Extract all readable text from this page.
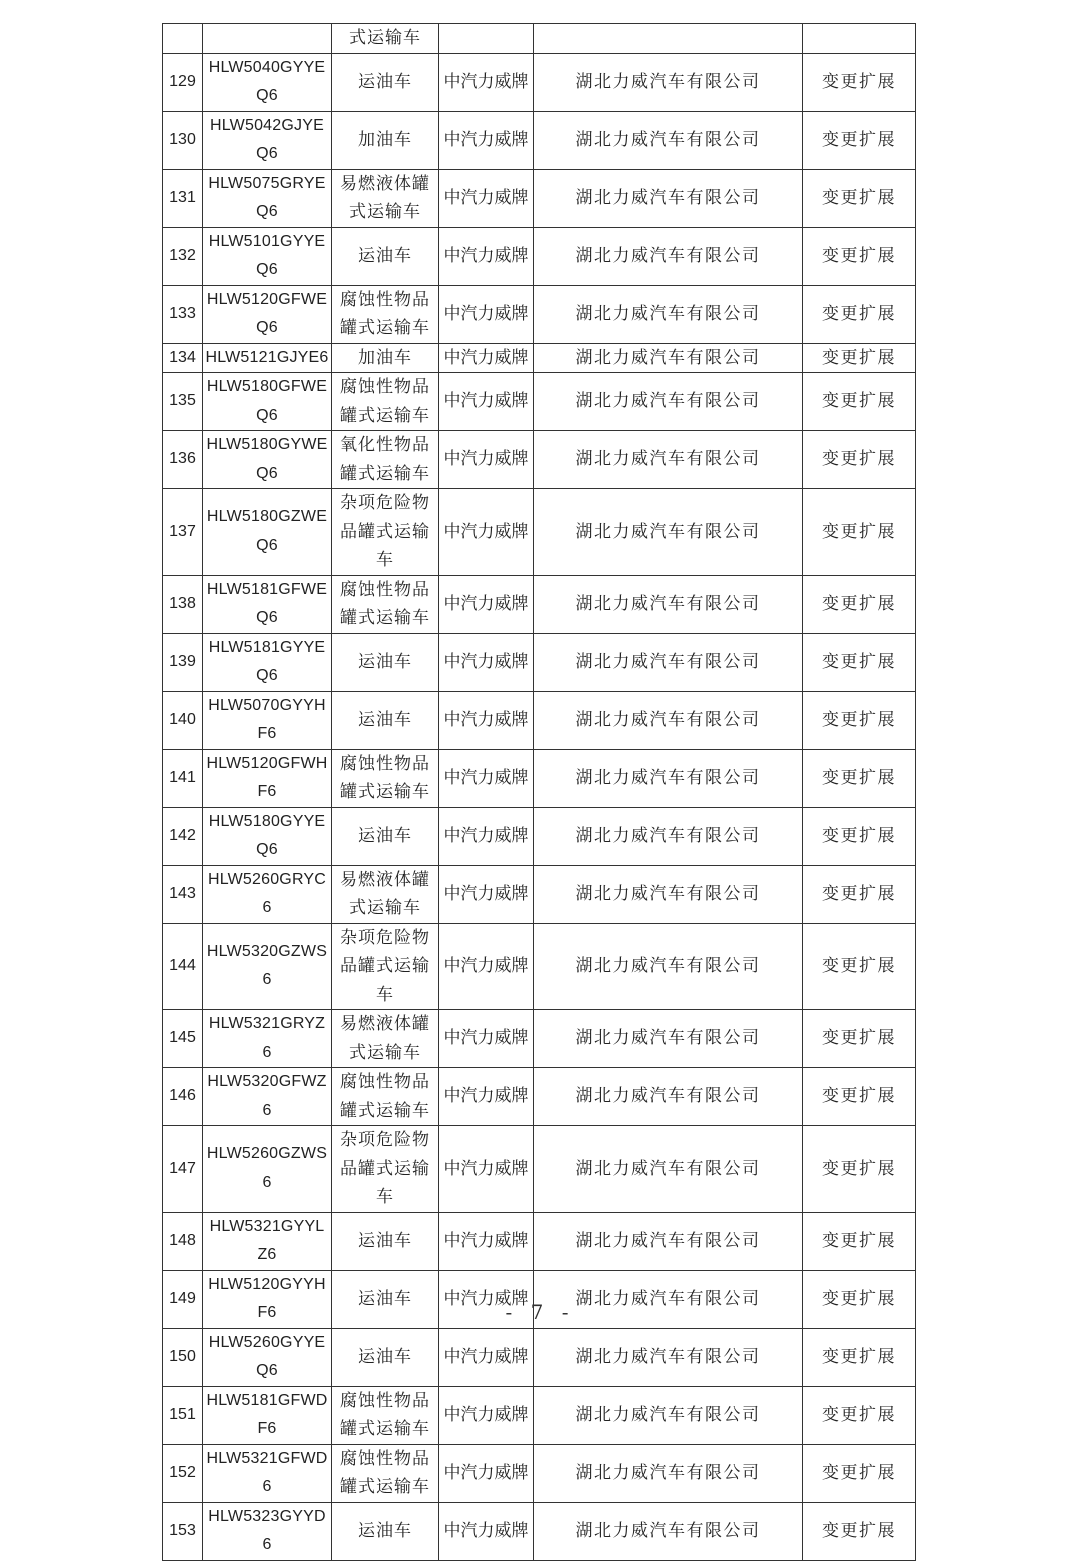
		式运输车			
129	HLW5040GYYEQ6	运油车	中汽力威牌	湖北力威汽车有限公司	变更扩展
130	HLW5042GJYEQ6	加油车	中汽力威牌	湖北力威汽车有限公司	变更扩展
131	HLW5075GRYEQ6	易燃液体罐式运输车	中汽力威牌	湖北力威汽车有限公司	变更扩展
132	HLW5101GYYEQ6	运油车	中汽力威牌	湖北力威汽车有限公司	变更扩展
133	HLW5120GFWEQ6	腐蚀性物品罐式运输车	中汽力威牌	湖北力威汽车有限公司	变更扩展
134	HLW5121GJYE6	加油车	中汽力威牌	湖北力威汽车有限公司	变更扩展
135	HLW5180GFWEQ6	腐蚀性物品罐式运输车	中汽力威牌	湖北力威汽车有限公司	变更扩展
136	HLW5180GYWEQ6	氧化性物品罐式运输车	中汽力威牌	湖北力威汽车有限公司	变更扩展
137	HLW5180GZWEQ6	杂项危险物品罐式运输车	中汽力威牌	湖北力威汽车有限公司	变更扩展
138	HLW5181GFWEQ6	腐蚀性物品罐式运输车	中汽力威牌	湖北力威汽车有限公司	变更扩展
139	HLW5181GYYEQ6	运油车	中汽力威牌	湖北力威汽车有限公司	变更扩展
140	HLW5070GYYHF6	运油车	中汽力威牌	湖北力威汽车有限公司	变更扩展
141	HLW5120GFWHF6	腐蚀性物品罐式运输车	中汽力威牌	湖北力威汽车有限公司	变更扩展
142	HLW5180GYYEQ6	运油车	中汽力威牌	湖北力威汽车有限公司	变更扩展
143	HLW5260GRYC6	易燃液体罐式运输车	中汽力威牌	湖北力威汽车有限公司	变更扩展
144	HLW5320GZWS6	杂项危险物品罐式运输车	中汽力威牌	湖北力威汽车有限公司	变更扩展
145	HLW5321GRYZ6	易燃液体罐式运输车	中汽力威牌	湖北力威汽车有限公司	变更扩展
146	HLW5320GFWZ6	腐蚀性物品罐式运输车	中汽力威牌	湖北力威汽车有限公司	变更扩展
147	HLW5260GZWS6	杂项危险物品罐式运输车	中汽力威牌	湖北力威汽车有限公司	变更扩展
148	HLW5321GYYLZ6	运油车	中汽力威牌	湖北力威汽车有限公司	变更扩展
149	HLW5120GYYHF6	运油车	中汽力威牌	湖北力威汽车有限公司	变更扩展
150	HLW5260GYYEQ6	运油车	中汽力威牌	湖北力威汽车有限公司	变更扩展
151	HLW5181GFWDF6	腐蚀性物品罐式运输车	中汽力威牌	湖北力威汽车有限公司	变更扩展
152	HLW5321GFWD6	腐蚀性物品罐式运输车	中汽力威牌	湖北力威汽车有限公司	变更扩展
153	HLW5323GYYD6	运油车	中汽力威牌	湖北力威汽车有限公司	变更扩展
- 7 -
